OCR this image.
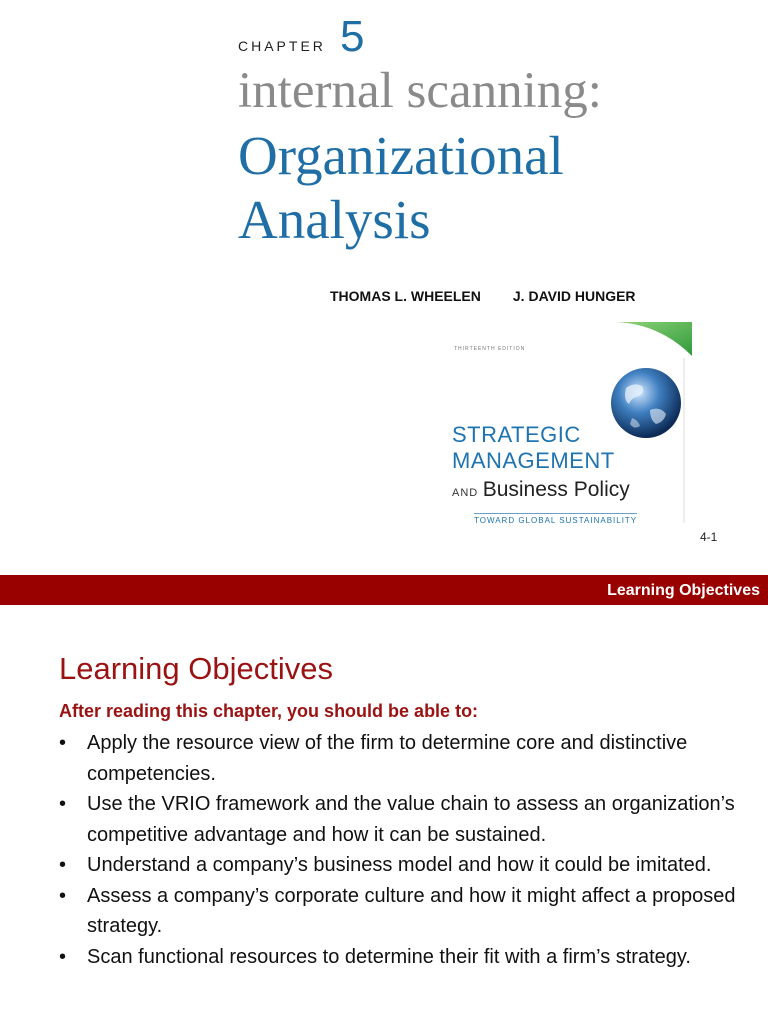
CHAPTER 5
internal scanning:
Organizational
Analysis
THOMAS L. WHEELEN J. DAVID HUNGER
THIRTEENTH EDITION
STRATEGIC
MANAGEMENT
AND Business Policy
TOWARD GLOBAL SUSTAINABILITY
4-1
Learning Objectives
Learning Objectives
After reading this chapter, you should be able to:
• Apply the resource view of the firm to determine core and distinctive competencies.
• Use the VRIO framework and the value chain to assess an organization’s competitive advantage and how it can be sustained.
• Understand a company’s business model and how it could be imitated.
• Assess a company’s corporate culture and how it might affect a proposed strategy.
• Scan functional resources to determine their fit with a firm’s strategy.
